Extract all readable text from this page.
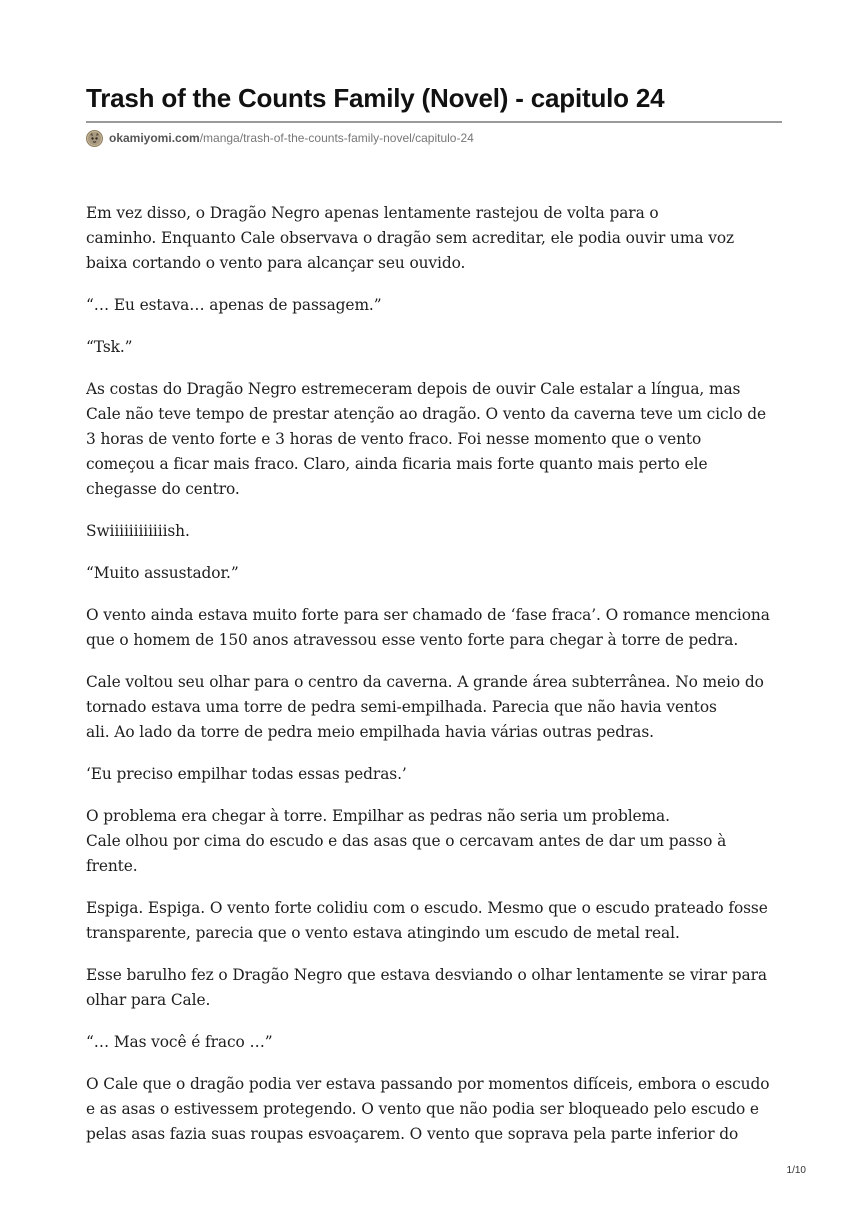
Trash of the Counts Family (Novel) - capitulo 24
okamiyomi.com /manga/trash-of-the-counts-family-novel/capitulo-24

Em vez disso, o Dragão Negro apenas lentamente rastejou de volta para o
caminho. Enquanto Cale observava o dragão sem acreditar, ele podia ouvir uma voz
baixa cortando o vento para alcançar seu ouvido.

“… Eu estava… apenas de passagem.”

“Tsk.”

As costas do Dragão Negro estremeceram depois de ouvir Cale estalar a língua, mas
Cale não teve tempo de prestar atenção ao dragão. O vento da caverna teve um ciclo de
3 horas de vento forte e 3 horas de vento fraco. Foi nesse momento que o vento
começou a ficar mais fraco. Claro, ainda ficaria mais forte quanto mais perto ele
chegasse do centro.

Swiiiiiiiiiiiish.

“Muito assustador.”

O vento ainda estava muito forte para ser chamado de ‘fase fraca’. O romance menciona
que o homem de 150 anos atravessou esse vento forte para chegar à torre de pedra.

Cale voltou seu olhar para o centro da caverna. A grande área subterrânea. No meio do
tornado estava uma torre de pedra semi-empilhada. Parecia que não havia ventos
ali. Ao lado da torre de pedra meio empilhada havia várias outras pedras.

‘Eu preciso empilhar todas essas pedras.’

O problema era chegar à torre. Empilhar as pedras não seria um problema.
Cale olhou por cima do escudo e das asas que o cercavam antes de dar um passo à
frente.

Espiga. Espiga. O vento forte colidiu com o escudo. Mesmo que o escudo prateado fosse
transparente, parecia que o vento estava atingindo um escudo de metal real.

Esse barulho fez o Dragão Negro que estava desviando o olhar lentamente se virar para
olhar para Cale.

“… Mas você é fraco …”

O Cale que o dragão podia ver estava passando por momentos difíceis, embora o escudo
e as asas o estivessem protegendo. O vento que não podia ser bloqueado pelo escudo e
pelas asas fazia suas roupas esvoaçarem. O vento que soprava pela parte inferior do

1/10
